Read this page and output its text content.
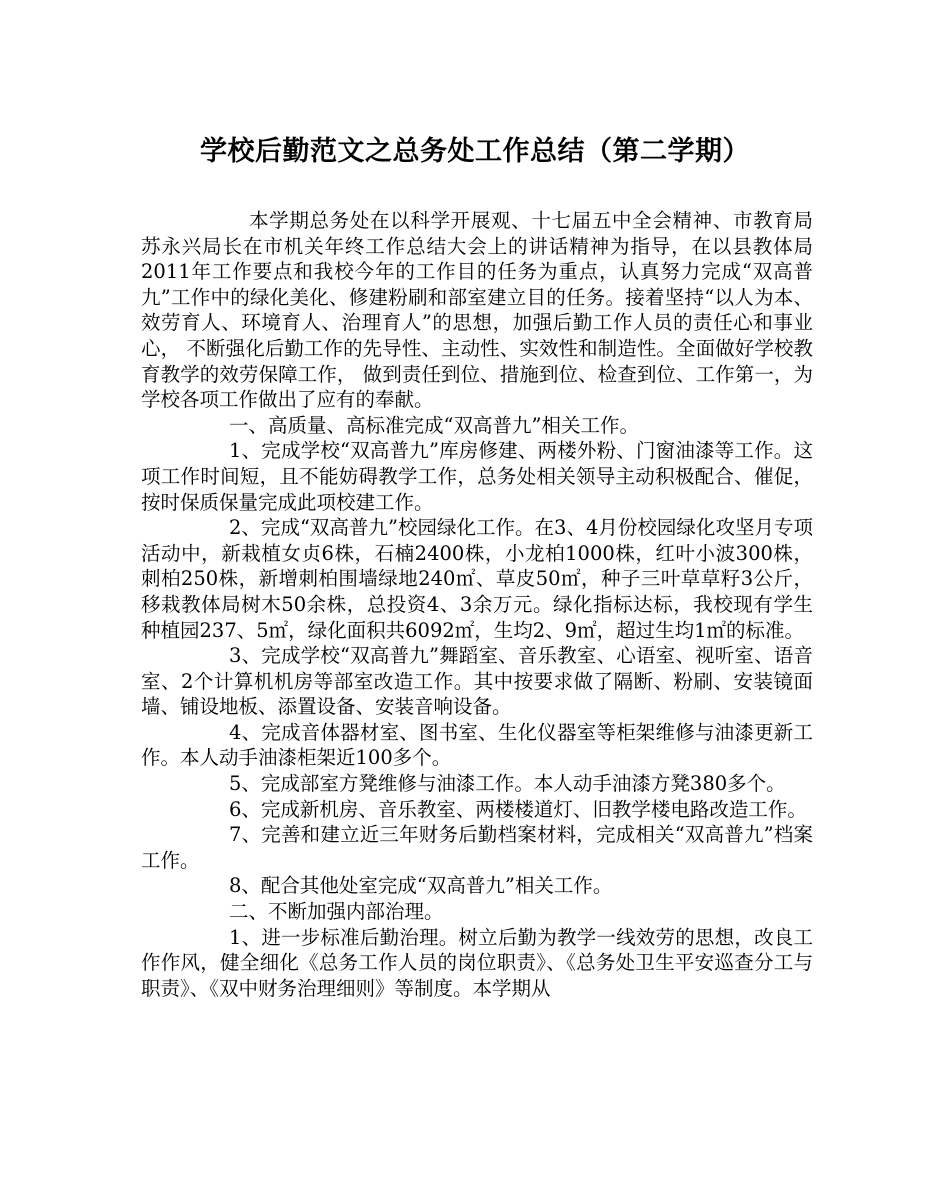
学校后勤范文之总务处工作总结（第二学期）

本学期总务处在以科学开展观、十七届五中全会精神、市教育局苏永兴局长在市机关年终工作总结大会上的讲话精神为指导，在以县教体局2011年工作要点和我校今年的工作目的任务为重点，认真努力完成“双高普九”工作中的绿化美化、修建粉刷和部室建立目的任务。接着坚持“以人为本、效劳育人、环境育人、治理育人”的思想，加强后勤工作人员的责任心和事业心， 不断强化后勤工作的先导性、主动性、实效性和制造性。全面做好学校教育教学的效劳保障工作， 做到责任到位、措施到位、检查到位、工作第一，为学校各项工作做出了应有的奉献。

一、高质量、高标准完成“双高普九”相关工作。

1、完成学校“双高普九”库房修建、两楼外粉、门窗油漆等工作。这项工作时间短，且不能妨碍教学工作，总务处相关领导主动积极配合、催促，按时保质保量完成此项校建工作。

2、完成“双高普九”校园绿化工作。在3、4月份校园绿化攻坚月专项活动中，新栽植女贞6株，石楠2400株，小龙柏1000株，红叶小波300株，刺柏250株，新增刺柏围墙绿地240㎡、草皮50㎡，种子三叶草草籽3公斤，移栽教体局树木50余株，总投资4、3余万元。绿化指标达标，我校现有学生种植园237、5㎡，绿化面积共6092㎡，生均2、9㎡，超过生均1㎡的标准。

3、完成学校“双高普九”舞蹈室、音乐教室、心语室、视听室、语音室、2个计算机机房等部室改造工作。其中按要求做了隔断、粉刷、安装镜面墙、铺设地板、添置设备、安装音响设备。

4、完成音体器材室、图书室、生化仪器室等柜架维修与油漆更新工作。本人动手油漆柜架近100多个。

5、完成部室方凳维修与油漆工作。本人动手油漆方凳380多个。

6、完成新机房、音乐教室、两楼楼道灯、旧教学楼电路改造工作。

7、完善和建立近三年财务后勤档案材料，完成相关“双高普九”档案工作。

8、配合其他处室完成“双高普九”相关工作。

二、不断加强内部治理。

1、进一步标准后勤治理。树立后勤为教学一线效劳的思想，改良工作作风，健全细化《总务工作人员的岗位职责》、《总务处卫生平安巡查分工与职责》、《双中财务治理细则》等制度。本学期从
